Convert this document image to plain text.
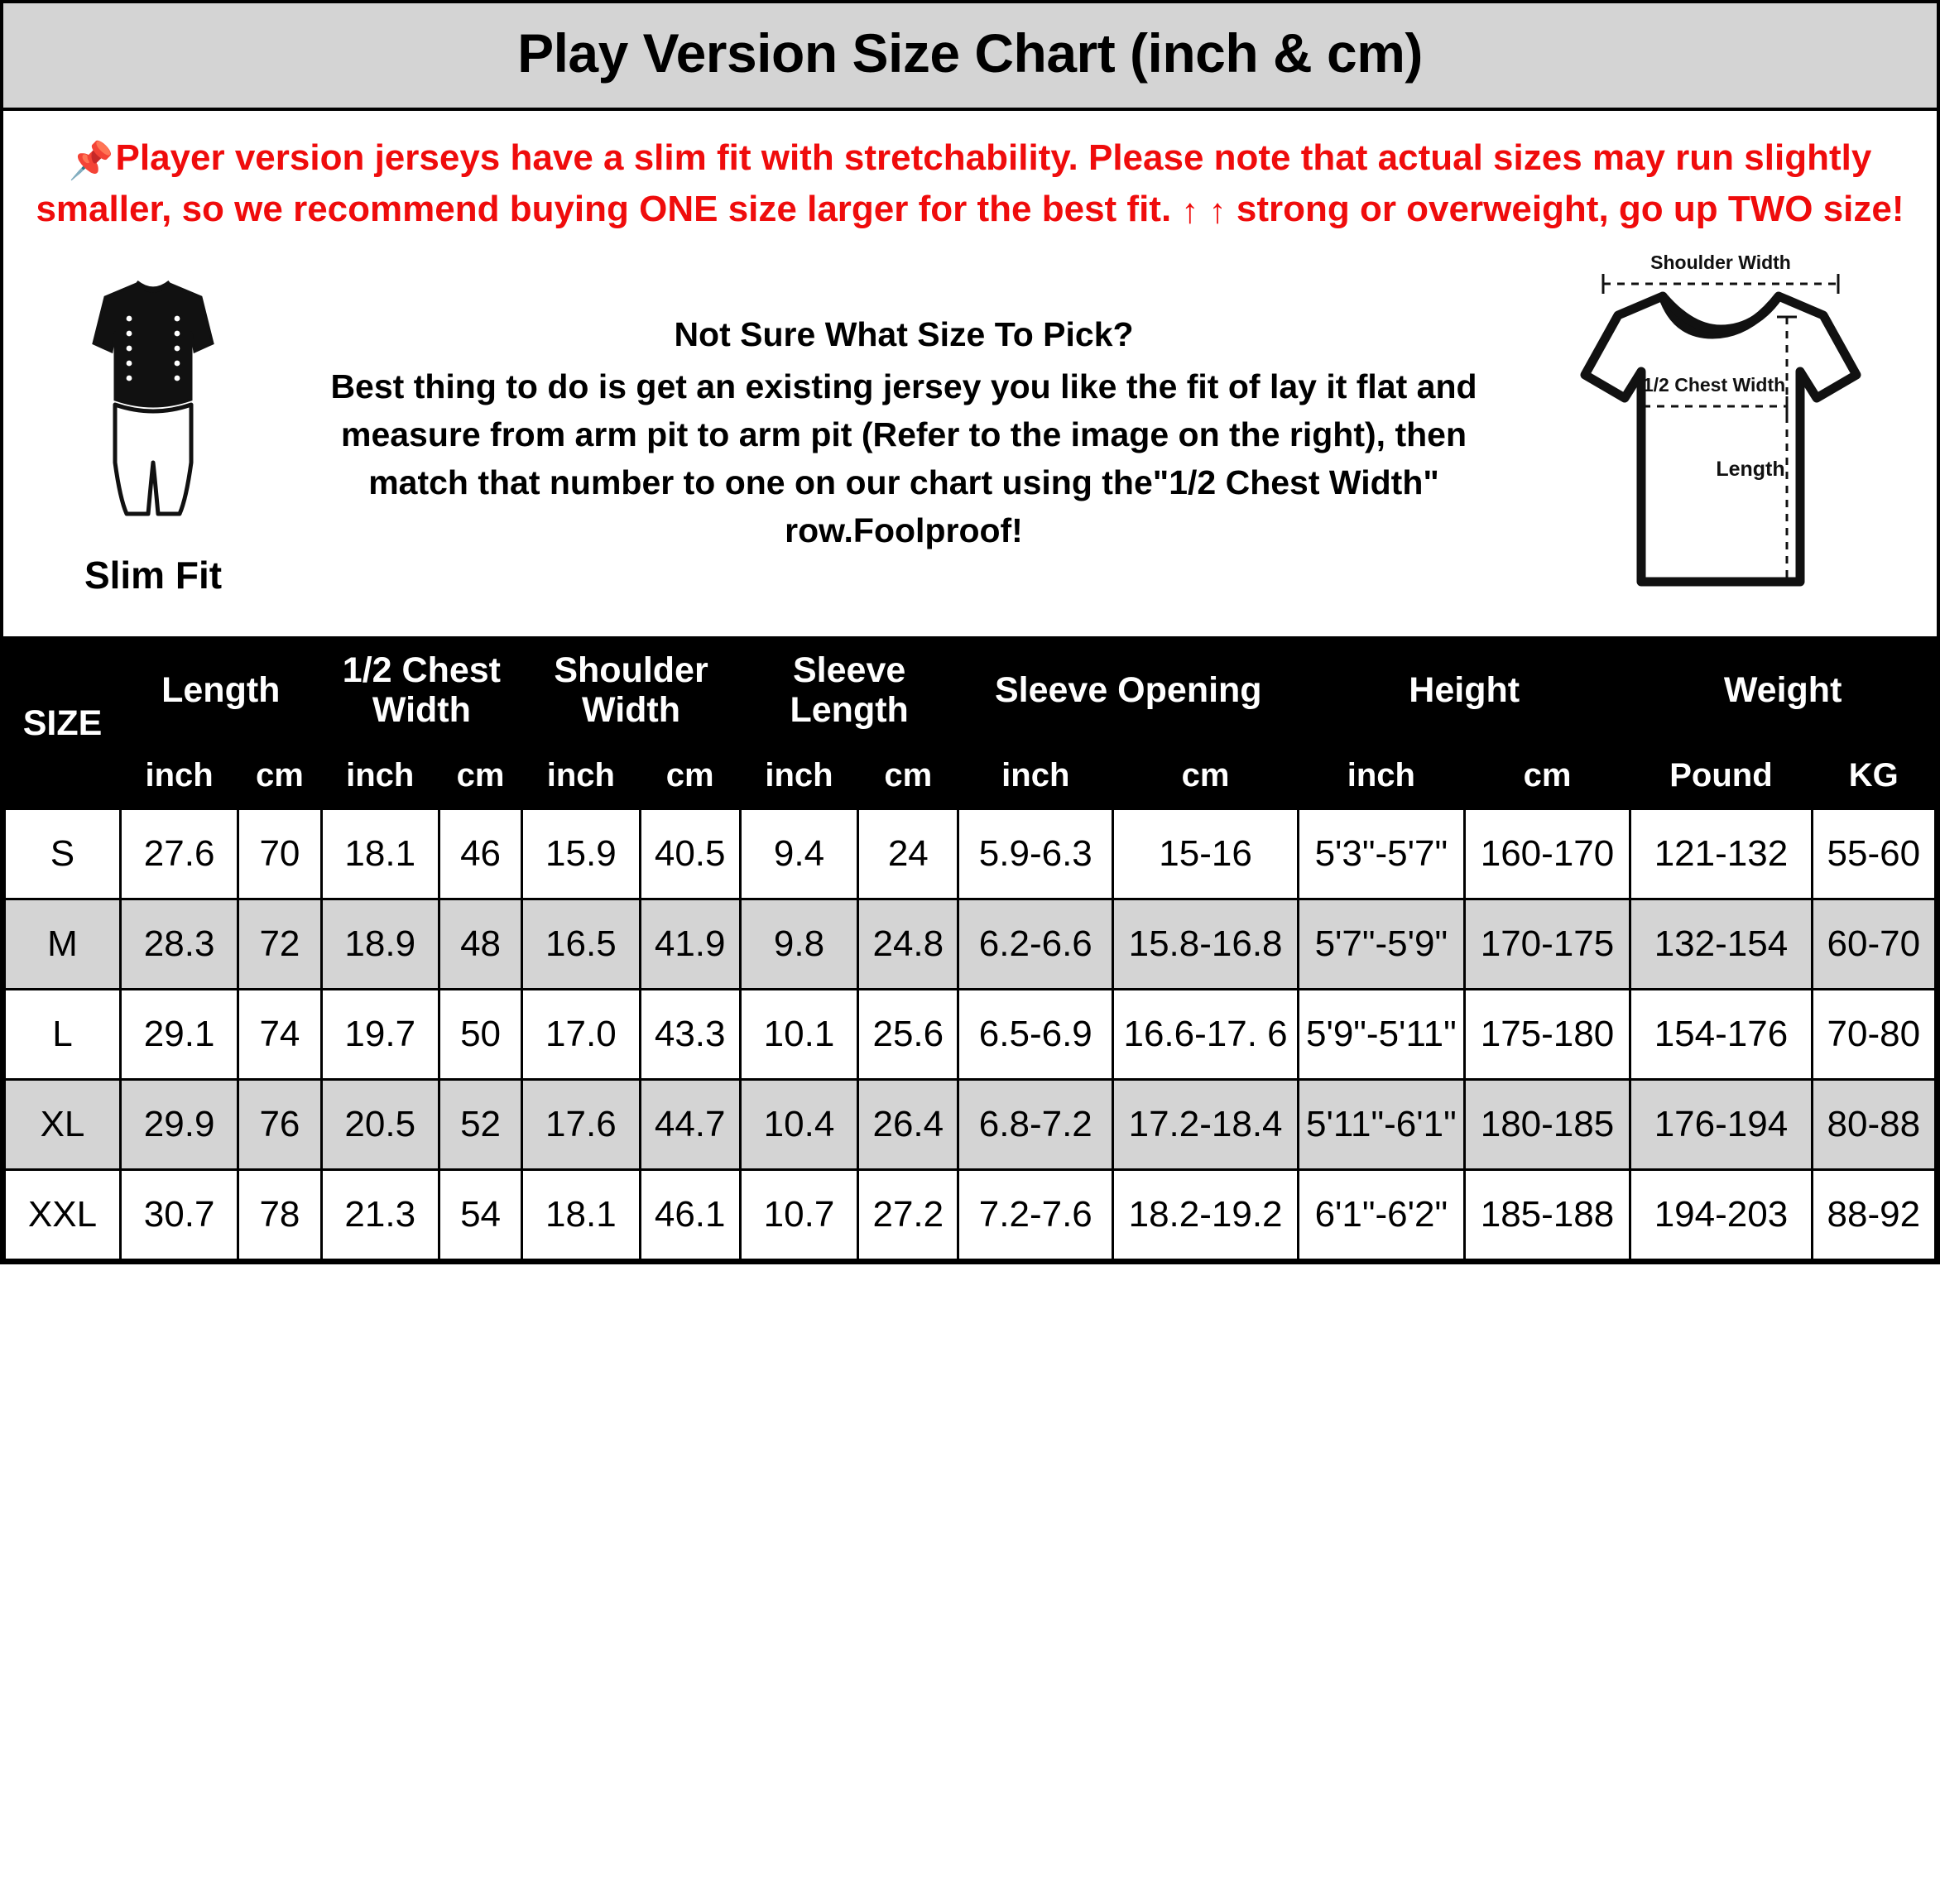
Play Version Size Chart (inch & cm)
📌Player version jerseys have a slim fit with stretchability. Please note that actual sizes may run slightly smaller, so we recommend buying ONE size larger for the best fit. ↑ ↑ strong or overweight, go up TWO size!
Slim Fit
Not Sure What Size To Pick?
Best thing to do is get an existing jersey you like the fit of lay it flat and measure from arm pit to arm pit (Refer to the image on the right), then match that number to one on our chart using the"1/2 Chest Width" row.Foolproof!
Shoulder Width
1/2 Chest Width
Length
SIZE	Length		1/2 Chest Width		Shoulder Width		Sleeve Length		Sleeve Opening		Height		Weight	
	inch	cm	inch	cm	inch	cm	inch	cm	inch	cm	inch	cm	Pound	KG
S	27.6	70	18.1	46	15.9	40.5	9.4	24	5.9-6.3	15-16	5'3"-5'7"	160-170	121-132	55-60
M	28.3	72	18.9	48	16.5	41.9	9.8	24.8	6.2-6.6	15.8-16.8	5'7"-5'9"	170-175	132-154	60-70
L	29.1	74	19.7	50	17.0	43.3	10.1	25.6	6.5-6.9	16.6-17. 6	5'9"-5'11"	175-180	154-176	70-80
XL	29.9	76	20.5	52	17.6	44.7	10.4	26.4	6.8-7.2	17.2-18.4	5'11"-6'1"	180-185	176-194	80-88
XXL	30.7	78	21.3	54	18.1	46.1	10.7	27.2	7.2-7.6	18.2-19.2	6'1"-6'2"	185-188	194-203	88-92
